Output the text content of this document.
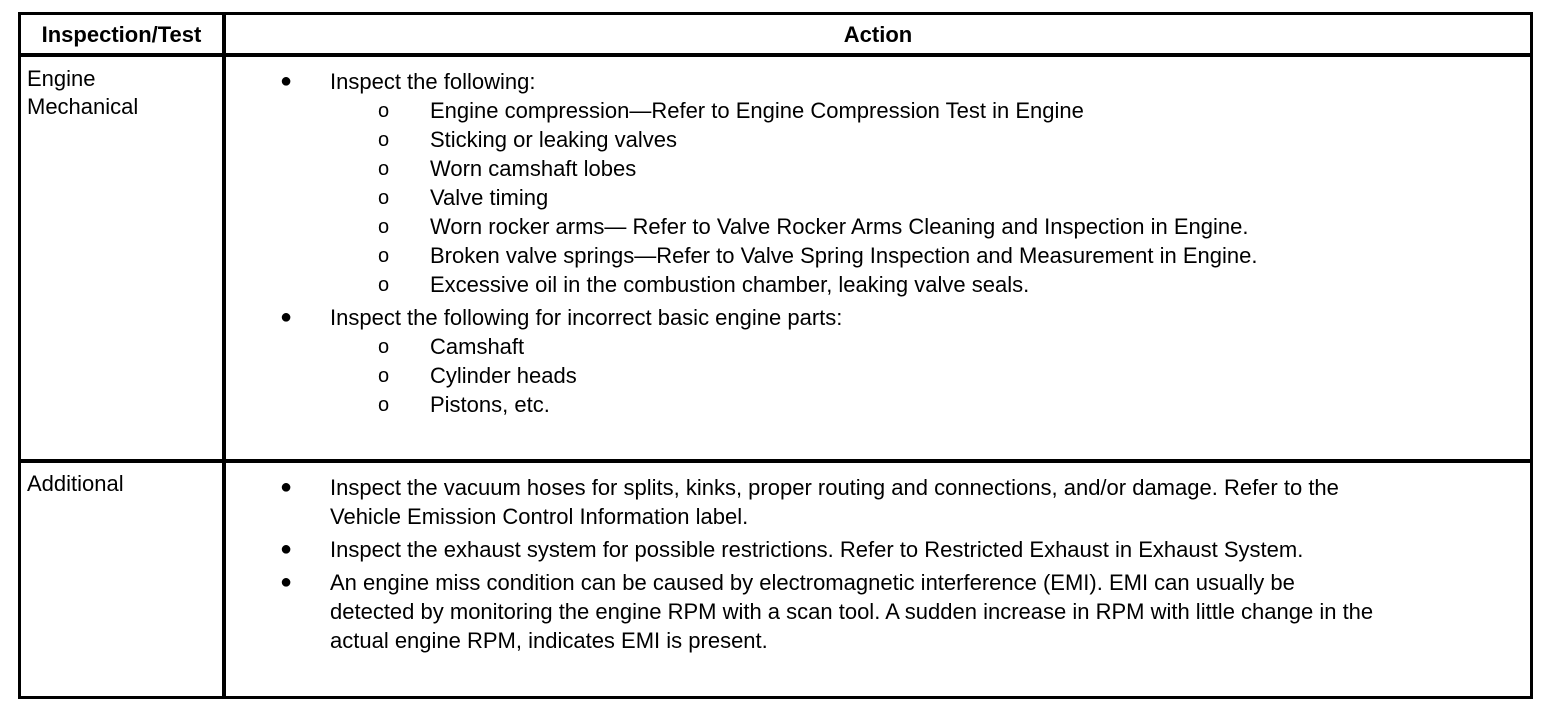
Inspection/Test	Action
Engine
Mechanical
● Inspect the following:
o Engine compression—Refer to Engine Compression Test in Engine
o Sticking or leaking valves
o Worn camshaft lobes
o Valve timing
o Worn rocker arms— Refer to Valve Rocker Arms Cleaning and Inspection in Engine.
o Broken valve springs—Refer to Valve Spring Inspection and Measurement in Engine.
o Excessive oil in the combustion chamber, leaking valve seals.
● Inspect the following for incorrect basic engine parts:
o Camshaft
o Cylinder heads
o Pistons, etc.
Additional	● Inspect the vacuum hoses for splits, kinks, proper routing and connections, and/or damage. Refer to the
Vehicle Emission Control Information label.
● Inspect the exhaust system for possible restrictions. Refer to Restricted Exhaust in Exhaust System.
● An engine miss condition can be caused by electromagnetic interference (EMI). EMI can usually be
detected by monitoring the engine RPM with a scan tool. A sudden increase in RPM with little change in the
actual engine RPM, indicates EMI is present.
